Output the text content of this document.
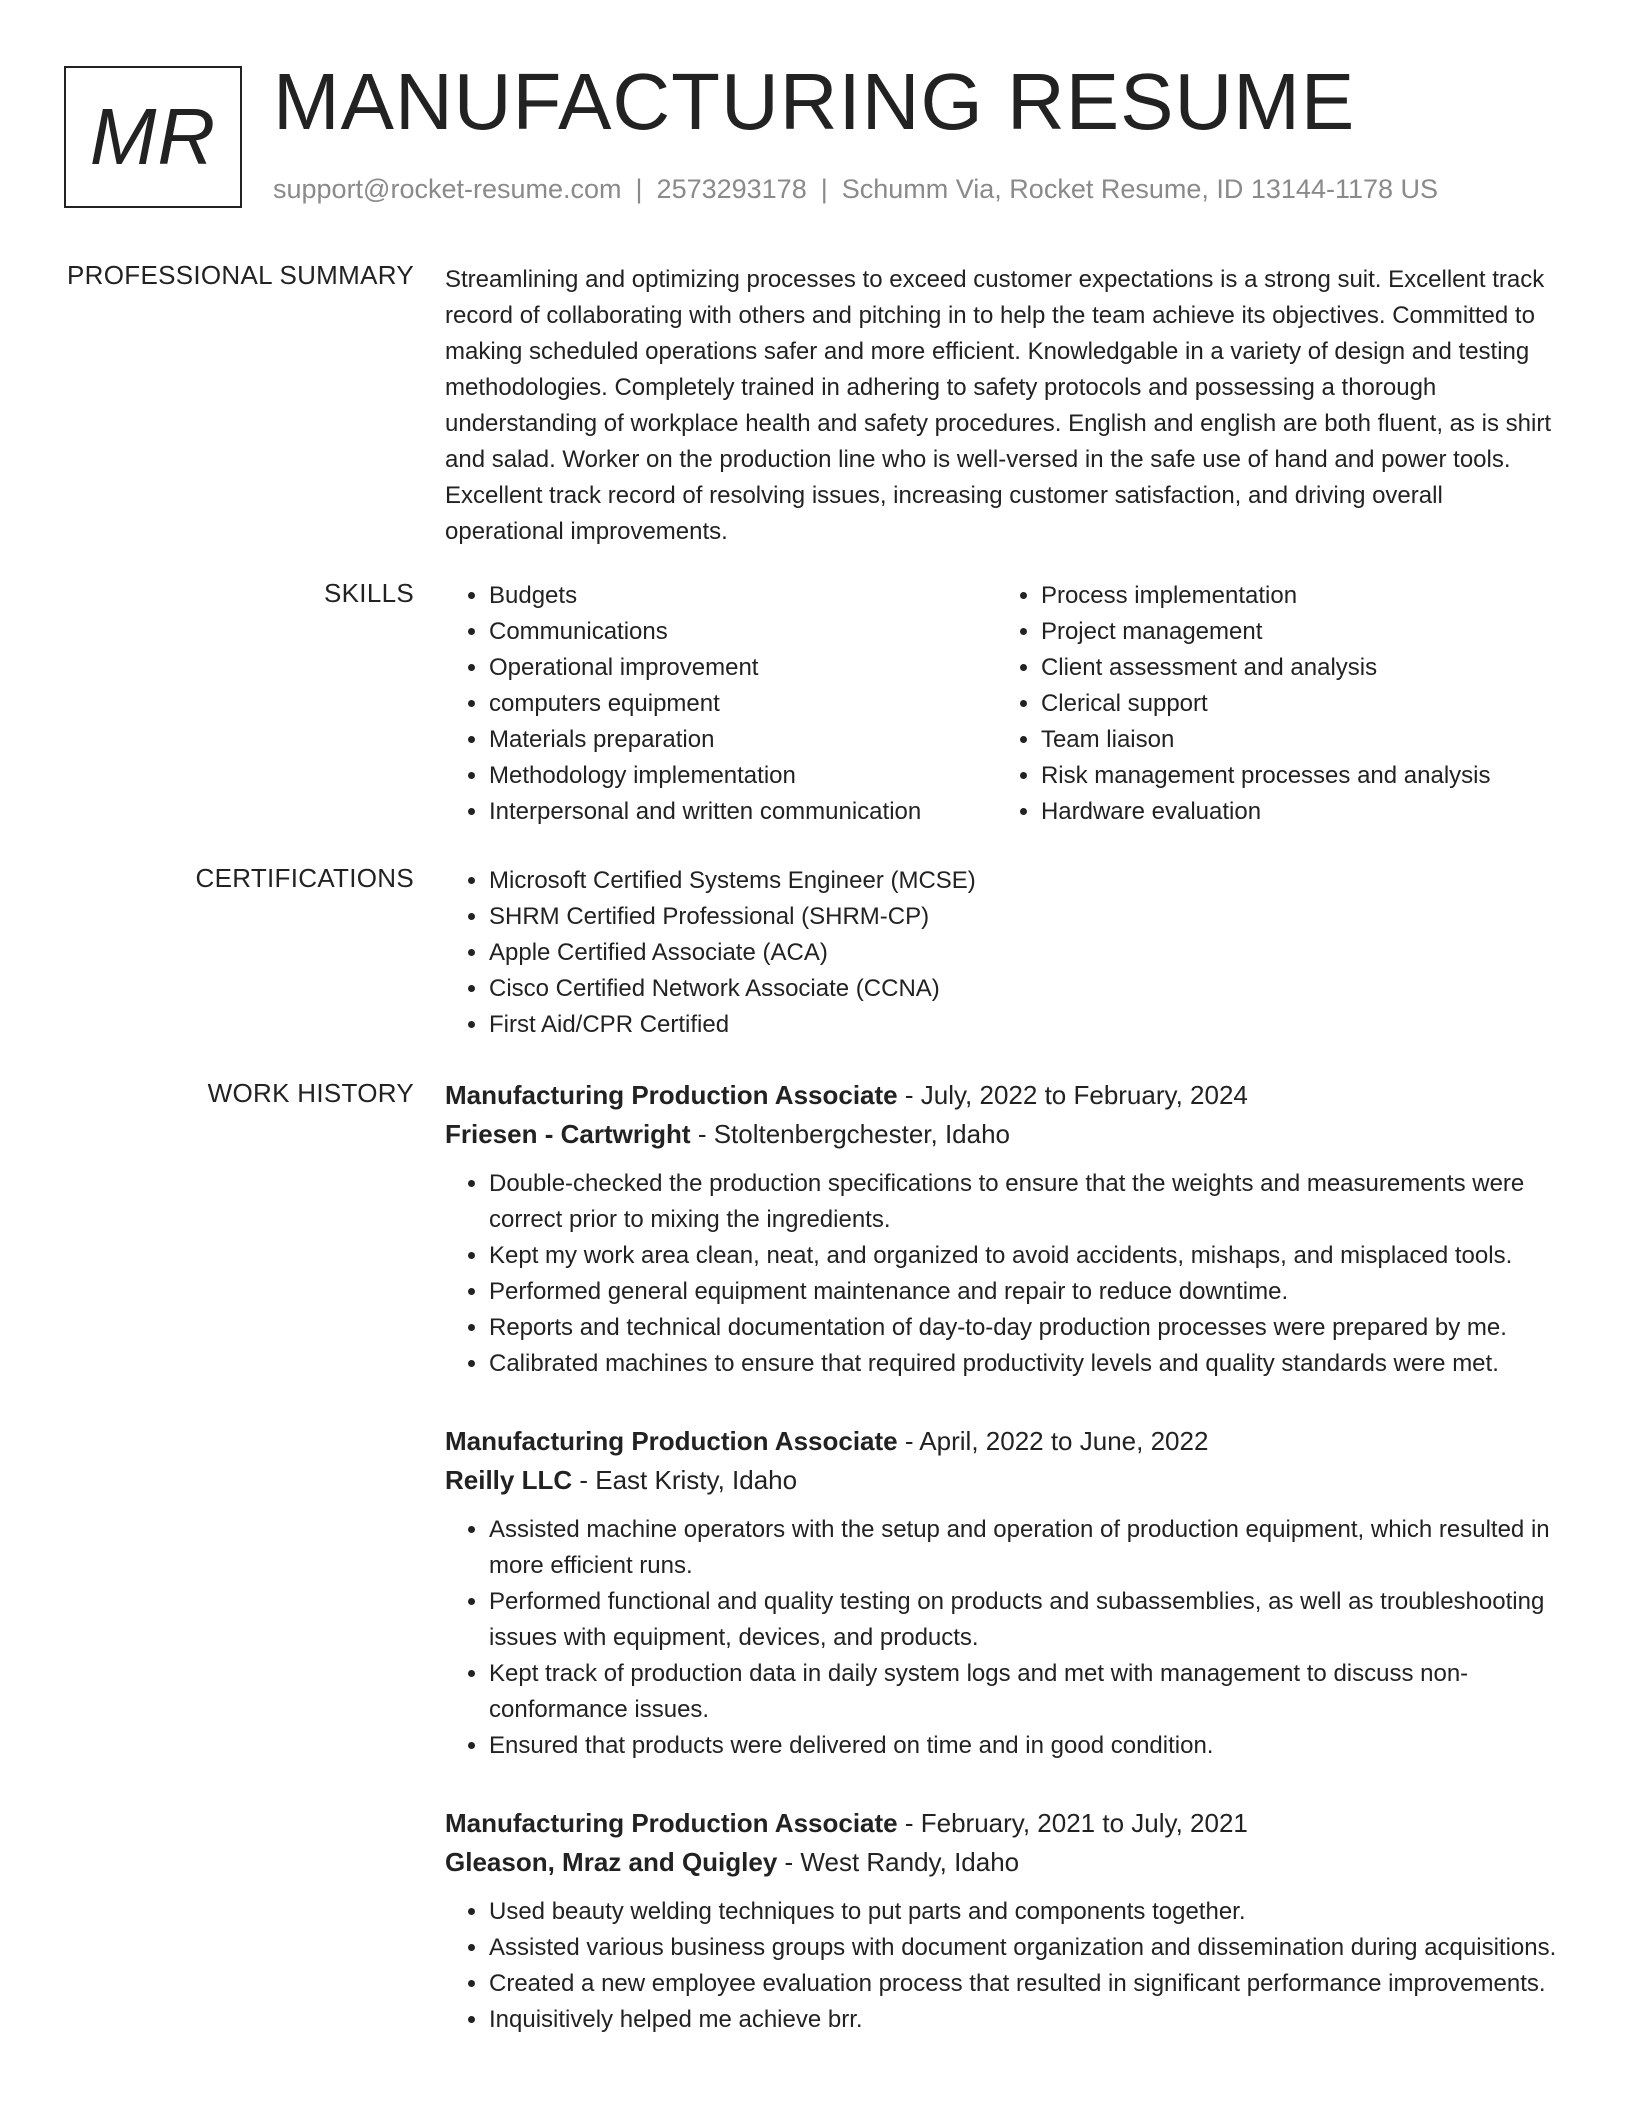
MR MANUFACTURING RESUME
support@rocket-resume.com | 2573293178 | Schumm Via, Rocket Resume, ID 13144-1178 US
PROFESSIONAL SUMMARY Streamlining and optimizing processes to exceed customer expectations is a strong suit. Excellent track record of collaborating with others and pitching in to help the team achieve its objectives. Committed to making scheduled operations safer and more efficient. Knowledgable in a variety of design and testing methodologies. Completely trained in adhering to safety protocols and possessing a thorough understanding of workplace health and safety procedures. English and english are both fluent, as is shirt and salad. Worker on the production line who is well-versed in the safe use of hand and power tools. Excellent track record of resolving issues, increasing customer satisfaction, and driving overall operational improvements.

SKILLS	• Budgets
• Communications
• Operational improvement
• computers equipment
• Materials preparation
• Methodology implementation
• Interpersonal and written communication
• Process implementation
• Project management
• Client assessment and analysis
• Clerical support
• Team liaison
• Risk management processes and analysis
• Hardware evaluation
CERTIFICATIONS	• Microsoft Certified Systems Engineer (MCSE)
• SHRM Certified Professional (SHRM-CP)
• Apple Certified Associate (ACA)
• Cisco Certified Network Associate (CCNA)
• First Aid/CPR Certified
WORK HISTORY Manufacturing Production Associate - July, 2022 to February, 2024
Friesen - Cartwright - Stoltenbergchester, Idaho
• Double-checked the production specifications to ensure that the weights and measurements were correct prior to mixing the ingredients.
• Kept my work area clean, neat, and organized to avoid accidents, mishaps, and misplaced tools.
• Performed general equipment maintenance and repair to reduce downtime.
• Reports and technical documentation of day-to-day production processes were prepared by me.
• Calibrated machines to ensure that required productivity levels and quality standards were met.
Manufacturing Production Associate - April, 2022 to June, 2022
Reilly LLC - East Kristy, Idaho
• Assisted machine operators with the setup and operation of production equipment, which resulted in more efficient runs.
• Performed functional and quality testing on products and subassemblies, as well as troubleshooting issues with equipment, devices, and products.
• Kept track of production data in daily system logs and met with management to discuss non-conformance issues.
• Ensured that products were delivered on time and in good condition.
Manufacturing Production Associate - February, 2021 to July, 2021
Gleason, Mraz and Quigley - West Randy, Idaho
• Used beauty welding techniques to put parts and components together.
• Assisted various business groups with document organization and dissemination during acquisitions.
• Created a new employee evaluation process that resulted in significant performance improvements.
• Inquisitively helped me achieve brr.
